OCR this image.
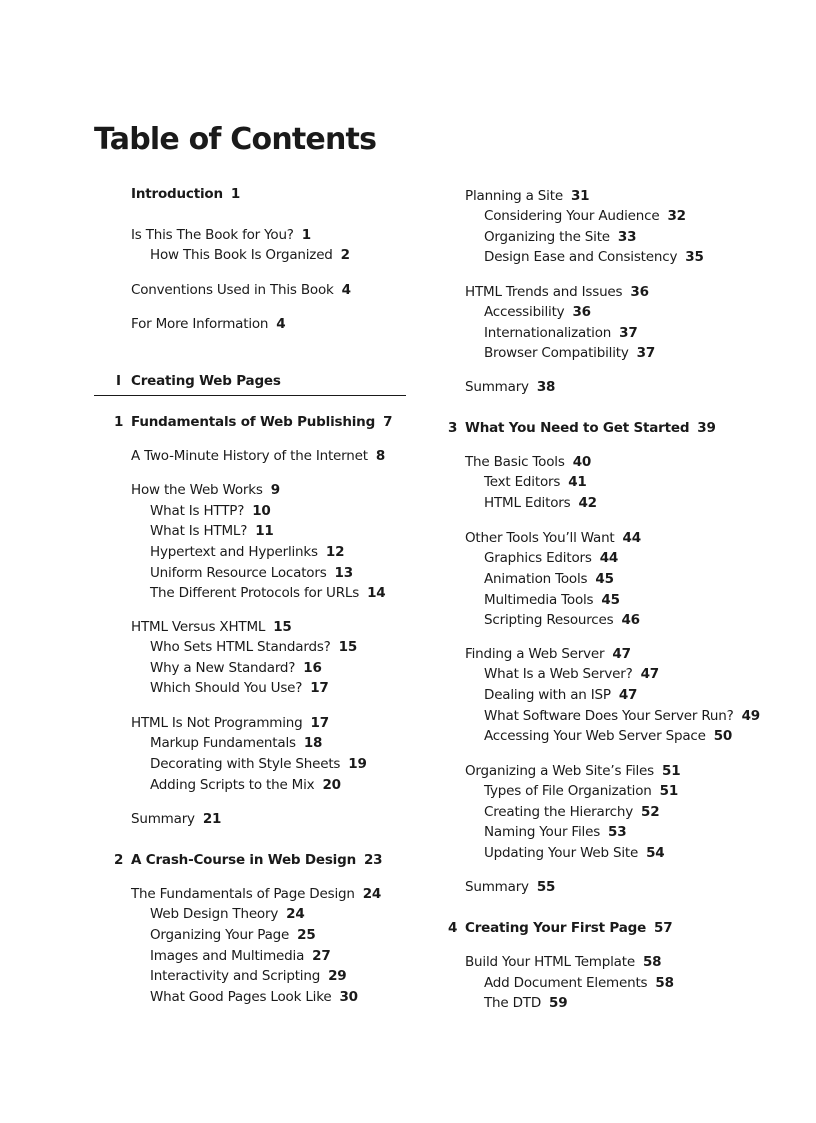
Table of Contents
Introduction 1
Is This The Book for You? 1
How This Book Is Organized 2
Conventions Used in This Book 4
For More Information 4
I Creating Web Pages
1 Fundamentals of Web Publishing 7
A Two-Minute History of the Internet 8
How the Web Works 9
What Is HTTP? 10
What Is HTML? 11
Hypertext and Hyperlinks 12
Uniform Resource Locators 13
The Different Protocols for URLs 14
HTML Versus XHTML 15
Who Sets HTML Standards? 15
Why a New Standard? 16
Which Should You Use? 17
HTML Is Not Programming 17
Markup Fundamentals 18
Decorating with Style Sheets 19
Adding Scripts to the Mix 20
Summary 21
2 A Crash-Course in Web Design 23
The Fundamentals of Page Design 24
Web Design Theory 24
Organizing Your Page 25
Images and Multimedia 27
Interactivity and Scripting 29
What Good Pages Look Like 30
Planning a Site 31
Considering Your Audience 32
Organizing the Site 33
Design Ease and Consistency 35
HTML Trends and Issues 36
Accessibility 36
Internationalization 37
Browser Compatibility 37
Summary 38
3 What You Need to Get Started 39
The Basic Tools 40
Text Editors 41
HTML Editors 42
Other Tools You’ll Want 44
Graphics Editors 44
Animation Tools 45
Multimedia Tools 45
Scripting Resources 46
Finding a Web Server 47
What Is a Web Server? 47
Dealing with an ISP 47
What Software Does Your Server Run? 49
Accessing Your Web Server Space 50
Organizing a Web Site’s Files 51
Types of File Organization 51
Creating the Hierarchy 52
Naming Your Files 53
Updating Your Web Site 54
Summary 55
4 Creating Your First Page 57
Build Your HTML Template 58
Add Document Elements 58
The DTD 59
